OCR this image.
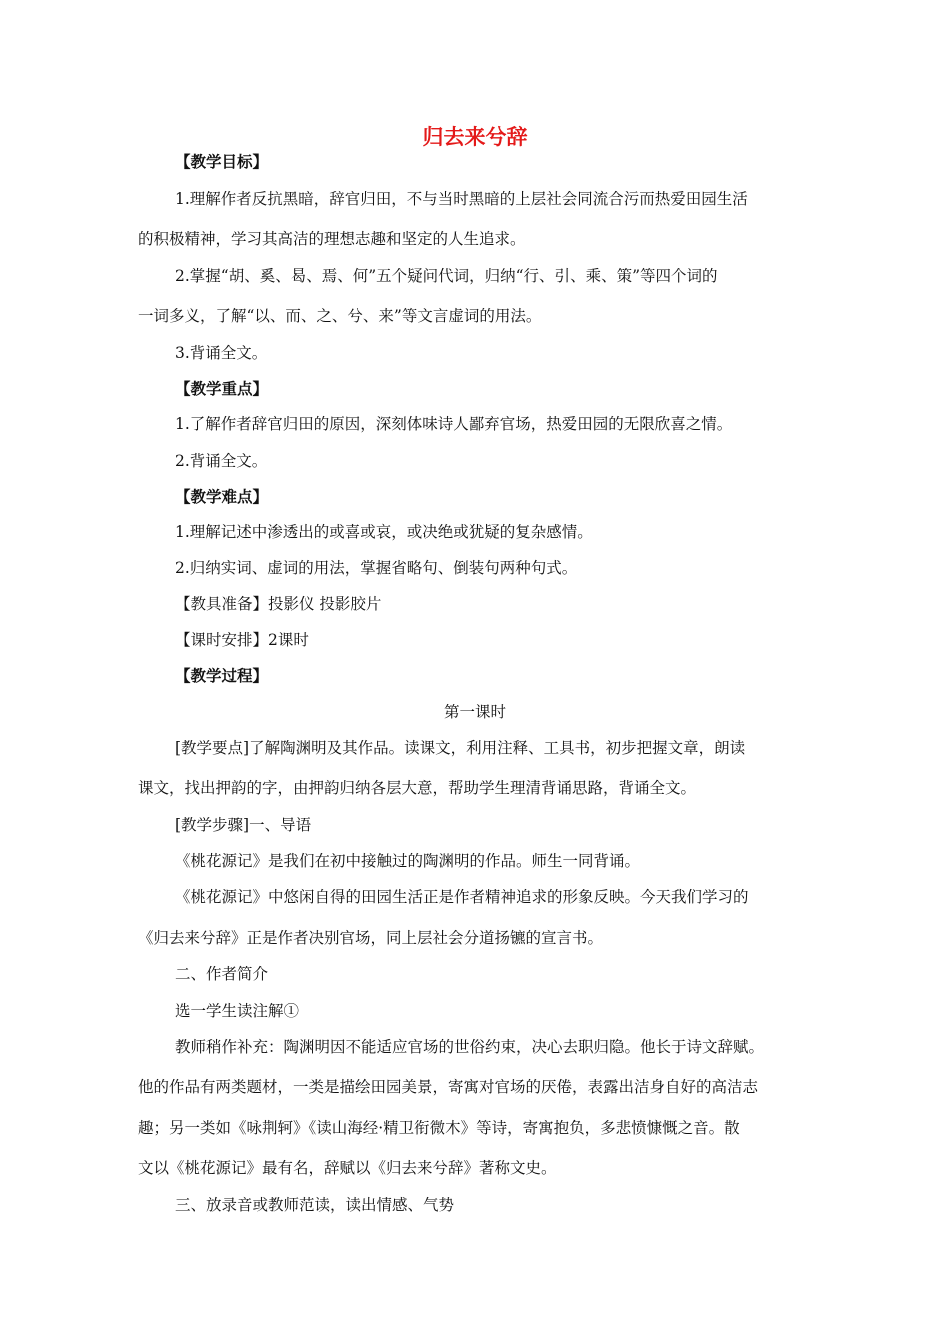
归去来兮辞
【教学目标】
1.理解作者反抗黑暗，辞官归田，不与当时黑暗的上层社会同流合污而热爱田园生活
的积极精神，学习其高洁的理想志趣和坚定的人生追求。
2.掌握“胡、奚、曷、焉、何”五个疑问代词，归纳“行、引、乘、策”等四个词的
一词多义，了解“以、而、之、兮、来”等文言虚词的用法。
3.背诵全文。
【教学重点】
1.了解作者辞官归田的原因，深刻体味诗人鄙弃官场，热爱田园的无限欣喜之情。
2.背诵全文。
【教学难点】
1.理解记述中渗透出的或喜或哀，或决绝或犹疑的复杂感情。
2.归纳实词、虚词的用法，掌握省略句、倒装句两种句式。
【教具准备】投影仪 投影胶片
【课时安排】2课时
【教学过程】
第一课时
[教学要点]了解陶渊明及其作品。读课文，利用注释、工具书，初步把握文章，朗读
课文，找出押韵的字，由押韵归纳各层大意，帮助学生理清背诵思路，背诵全文。
[教学步骤]一、导语
《桃花源记》是我们在初中接触过的陶渊明的作品。师生一同背诵。
《桃花源记》中悠闲自得的田园生活正是作者精神追求的形象反映。今天我们学习的
《归去来兮辞》正是作者决别官场，同上层社会分道扬镳的宣言书。
二、作者简介
选一学生读注解①
教师稍作补充：陶渊明因不能适应官场的世俗约束，决心去职归隐。他长于诗文辞赋。
他的作品有两类题材，一类是描绘田园美景，寄寓对官场的厌倦，表露出洁身自好的高洁志
趣；另一类如《咏荆轲》《读山海经·精卫衔微木》等诗，寄寓抱负，多悲愤慷慨之音。散
文以《桃花源记》最有名，辞赋以《归去来兮辞》著称文史。
三、放录音或教师范读，读出情感、气势
